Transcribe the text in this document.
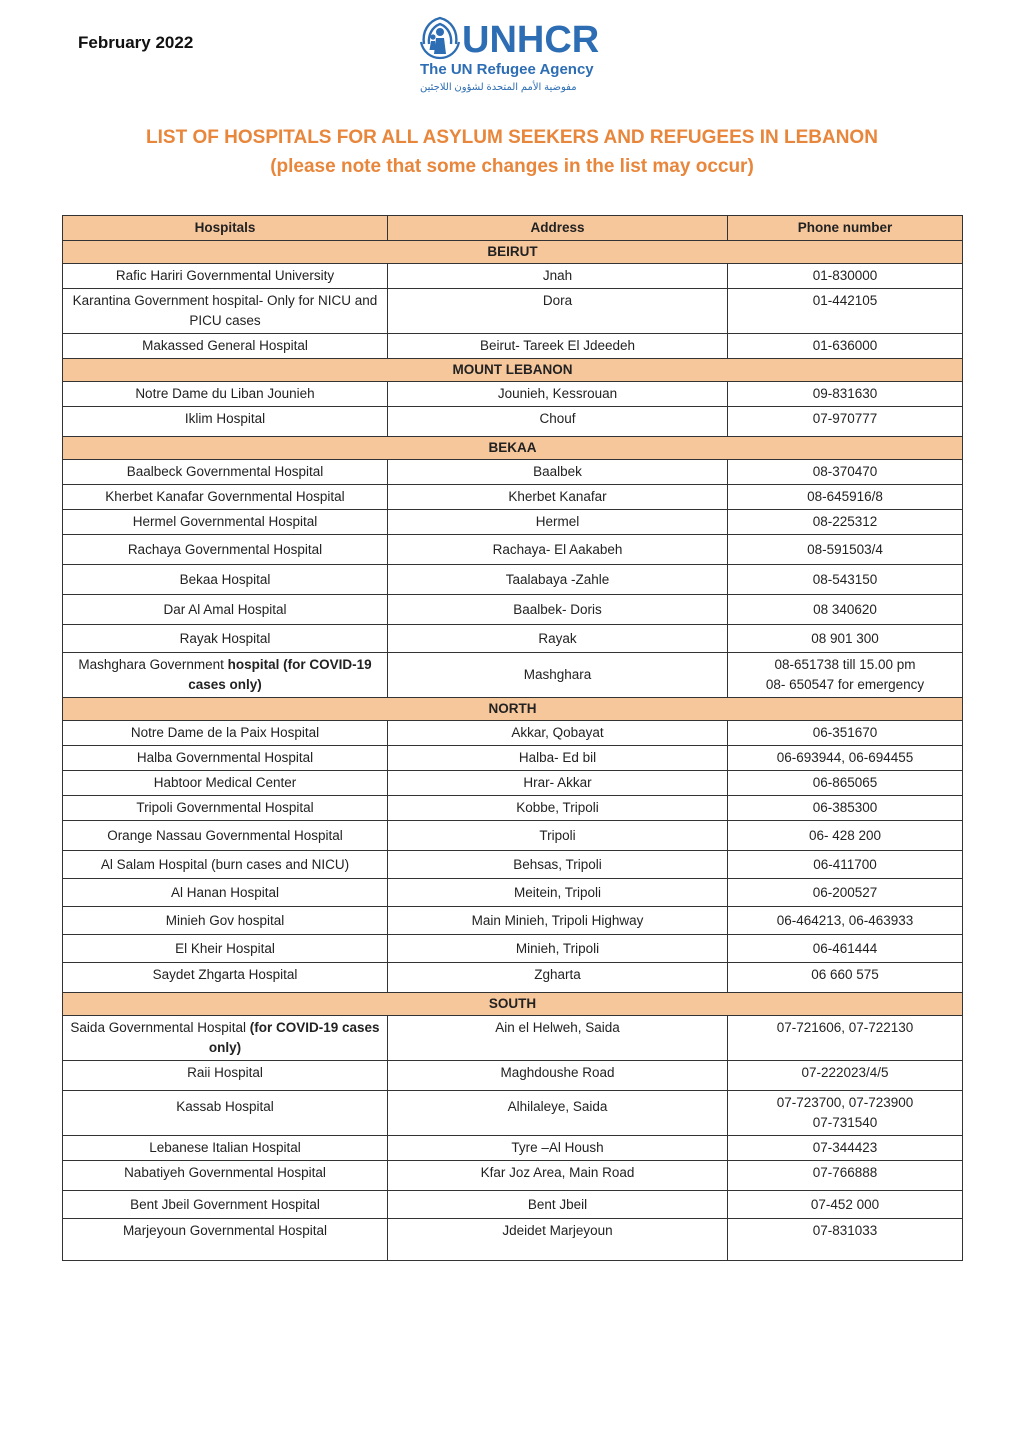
February 2022	UNHCR
The UN Refugee Agency
مفوضية الأمم المتحدة لشؤون اللاجئين
LIST OF HOSPITALS FOR ALL ASYLUM SEEKERS AND REFUGEES IN LEBANON
(please note that some changes in the list may occur)
Hospitals	Address	Phone number
BEIRUT		
Rafic Hariri Governmental University	Jnah	01-830000
Karantina Government hospital- Only for NICU and PICU cases	Dora	01-442105
Makassed General Hospital	Beirut- Tareek El Jdeedeh	01-636000
MOUNT LEBANON		
Notre Dame du Liban Jounieh	Jounieh, Kessrouan	09-831630
Iklim Hospital	Chouf	07-970777
BEKAA		
Baalbeck Governmental Hospital	Baalbek	08-370470
Kherbet Kanafar Governmental Hospital	Kherbet Kanafar	08-645916/8
Hermel Governmental Hospital	Hermel	08-225312
Rachaya Governmental Hospital	Rachaya- El Aakabeh	08-591503/4
Bekaa Hospital	Taalabaya -Zahle	08-543150
Dar Al Amal Hospital	Baalbek- Doris	08 340620
Rayak Hospital	Rayak	08 901 300
Mashghara Government hospital (for COVID-19 cases only)	Mashghara	08-651738 till 15.00 pm
08- 650547 for emergency

NORTH		
Notre Dame de la Paix Hospital	Akkar, Qobayat	06-351670
Halba Governmental Hospital	Halba- Ed bil	06-693944, 06-694455
Habtoor Medical Center	Hrar- Akkar	06-865065
Tripoli Governmental Hospital	Kobbe, Tripoli	06-385300
Orange Nassau Governmental Hospital	Tripoli	06- 428 200
Al Salam Hospital (burn cases and NICU)	Behsas, Tripoli	06-411700
Al Hanan Hospital	Meitein, Tripoli	06-200527
Minieh Gov hospital	Main Minieh, Tripoli Highway	06-464213, 06-463933
El Kheir Hospital	Minieh, Tripoli	06-461444
Saydet Zhgarta Hospital	Zgharta	06 660 575
SOUTH		
Saida Governmental Hospital (for COVID-19 cases only)	Ain el Helweh, Saida	07-721606, 07-722130
Raii Hospital	Maghdoushe Road	07-222023/4/5
Kassab Hospital	Alhilaleye, Saida	07-723700, 07-723900
07-731540

Lebanese Italian Hospital	Tyre –Al Housh	07-344423
Nabatiyeh Governmental Hospital	Kfar Joz Area, Main Road	07-766888
Bent Jbeil Government Hospital	Bent Jbeil	07-452 000
Marjeyoun Governmental Hospital	Jdeidet Marjeyoun	07-831033
